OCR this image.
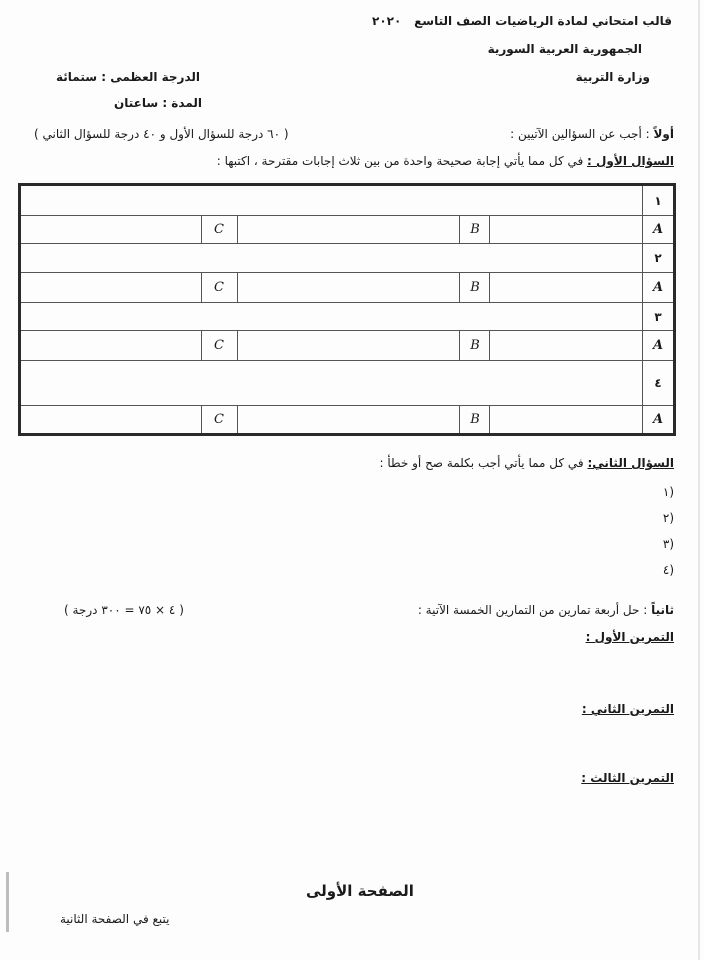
قالب امتحاني لمادة الرياضيات الصف التاسع
٢٠٢٠
الجمهورية العربية السورية
وزارة التربية
الدرجة العظمى : ستمائة
المدة : ساعتان
أولاً : أجب عن السؤالين الآتيين :
( ٦٠ درجة للسؤال الأول و ٤٠ درجة للسؤال الثاني )
السؤال الأول : في كل مما يأتي إجابة صحيحة واحدة من بين ثلاث إجابات مقترحة ، اكتبها :
١
A
B
C
٢
A
B
C
٣
A
B
C
٤
A
B
C
السؤال الثاني: في كل مما يأتي أجب بكلمة صح أو خطأ :
(١
(٢
(٣
(٤
ثانياً : حل أربعة تمارين من التمارين الخمسة الآتية :
( ٤ × ٧٥ = ٣٠٠ درجة )
التمرين الأول :
التمرين الثاني :
التمرين الثالث :
الصفحة الأولى
يتبع في الصفحة الثانية
